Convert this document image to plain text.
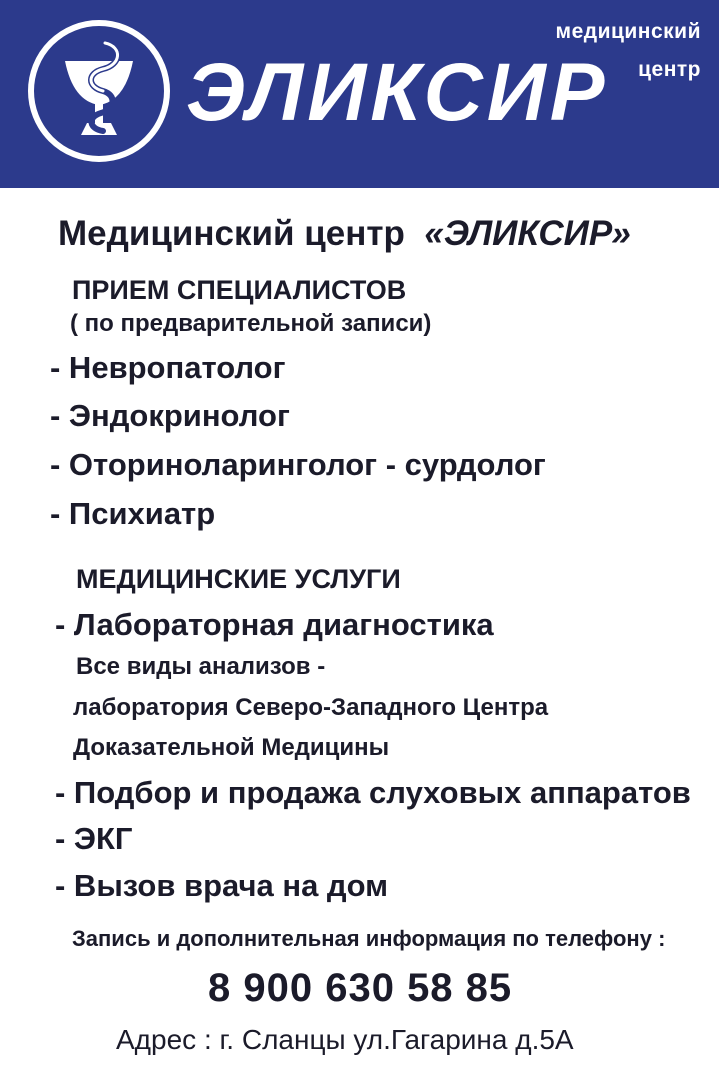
ЭЛИКСИР
медицинский
центр
Медицинский центр «ЭЛИКСИР»
ПРИЕМ СПЕЦИАЛИСТОВ
( по предварительной записи)
- Невропатолог
- Эндокринолог
- Оториноларинголог - сурдолог
- Психиатр
МЕДИЦИНСКИЕ УСЛУГИ
- Лабораторная диагностика
Все виды анализов -
лаборатория Северо-Западного Центра
Доказательной Медицины
- Подбор и продажа слуховых аппаратов
- ЭКГ
- Вызов врача на дом
Запись и дополнительная информация по телефону :
8 900 630 58 85
Адрес : г. Сланцы ул.Гагарина д.5А
